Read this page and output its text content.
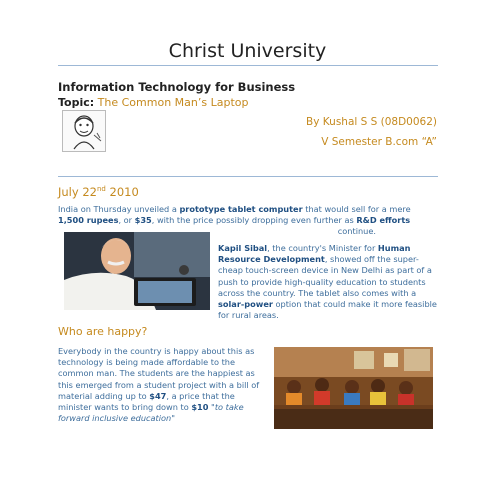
Christ University
Information Technology for Business
Topic: The Common Man’s Laptop
By Kushal S S (08D0062)
V Semester B.com “A”
July 22nd 2010
India on Thursday unveiled a prototype tablet computer that would sell for a mere 1,500 rupees, or $35, with the price possibly dropping even further as R&D efforts
continue.
Kapil Sibal, the country's Minister for Human Resource Development, showed off the super-cheap touch-screen device in New Delhi as part of a push to provide high-quality education to students across the country. The tablet also comes with a solar-power option that could make it more feasible for rural areas.
Who are happy?
Everybody in the country is happy about this as technology is being made affordable to the common man. The students are the happiest as this emerged from a student project with a bill of material adding up to $47, a price that the minister wants to bring down to $10 "to take forward inclusive education"
